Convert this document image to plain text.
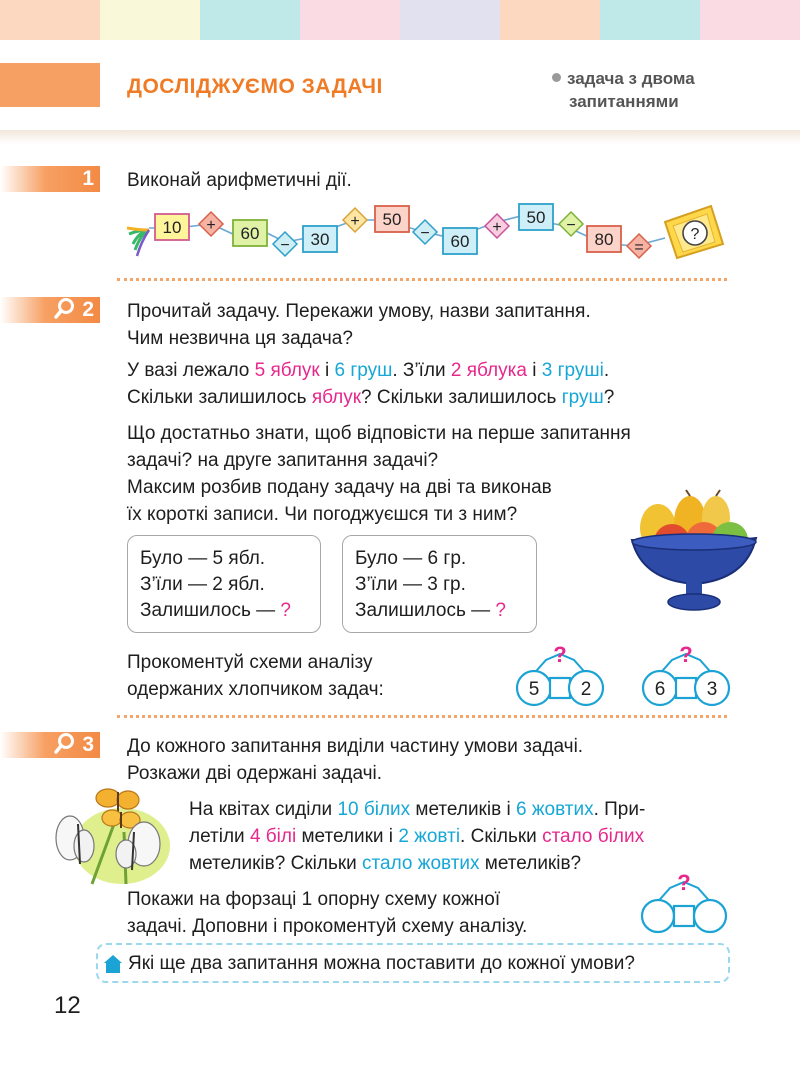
ДОСЛІДЖУЄМО ЗАДАЧІ	задача з двома
запитаннями
1	Виконай арифметичні дії.
10 + 60
− 30
+ 50
− 60
+
50 −
80 =
?
2	Прочитай задачу. Перекажи умову, назви запитання.
Чим незвична ця задача?
У вазі лежало 5 яблук і 6 груш. З’їли 2 яблука і 3 груші.
Скільки залишилось яблук? Скільки залишилось груш?
Що достатньо знати, щоб відповісти на перше запитання
задачі? на друге запитання задачі?
Максим розбив подану задачу на дві та виконав
їх короткі записи. Чи погоджуєшся ти з ним?
Було — 5 ябл.
З’їли — 2 ябл.
Залишилось — ?
Було — 6 гр.
З’їли — 3 гр.
Залишилось — ?
Прокоментуй схеми аналізу
одержаних хлопчиком задач:
?
5 2
?
6 3
3	До кожного запитання виділи частину умови задачі.
Розкажи дві одержані задачі.
На квітах сиділи 10 білих метеликів і 6 жовтих. При-
летіли 4 білі метелики і 2 жовті. Скільки стало білих
метеликів? Скільки стало жовтих метеликів?
Покажи на форзаці 1 опорну схему кожної
задачі. Доповни і прокоментуй схему аналізу.
?
Які ще два запитання можна поставити до кожної умови?
12
